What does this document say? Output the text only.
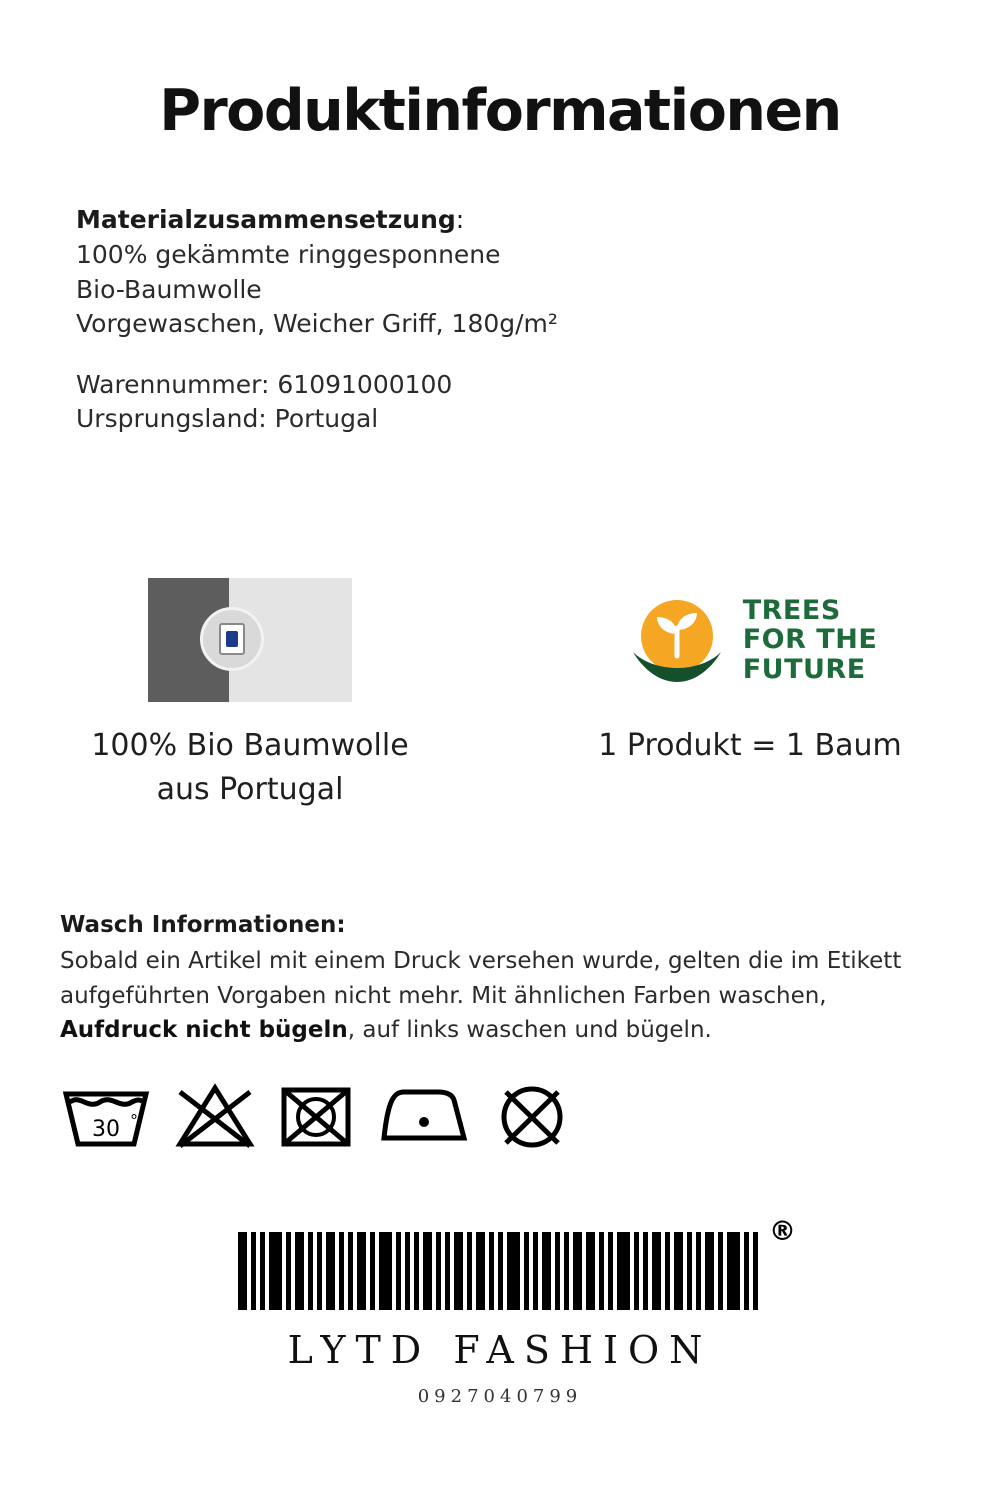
Produktinformationen
Materialzusammensetzung:
100% gekämmte ringgesponnene
Bio-Baumwolle
Vorgewaschen, Weicher Griff, 180g/m²
Warennummer: 61091000100
Ursprungsland: Portugal
100% Bio Baumwolle
aus Portugal
TREES
FOR THE
FUTURE
1 Produkt = 1 Baum
Wasch Informationen:
Sobald ein Artikel mit einem Druck versehen wurde, gelten die im Etikett aufgeführten Vorgaben nicht mehr. Mit ähnlichen Farben waschen, Aufdruck nicht bügeln, auf links waschen und bügeln.
30 °
®
LYTD FASHION
0927040799
